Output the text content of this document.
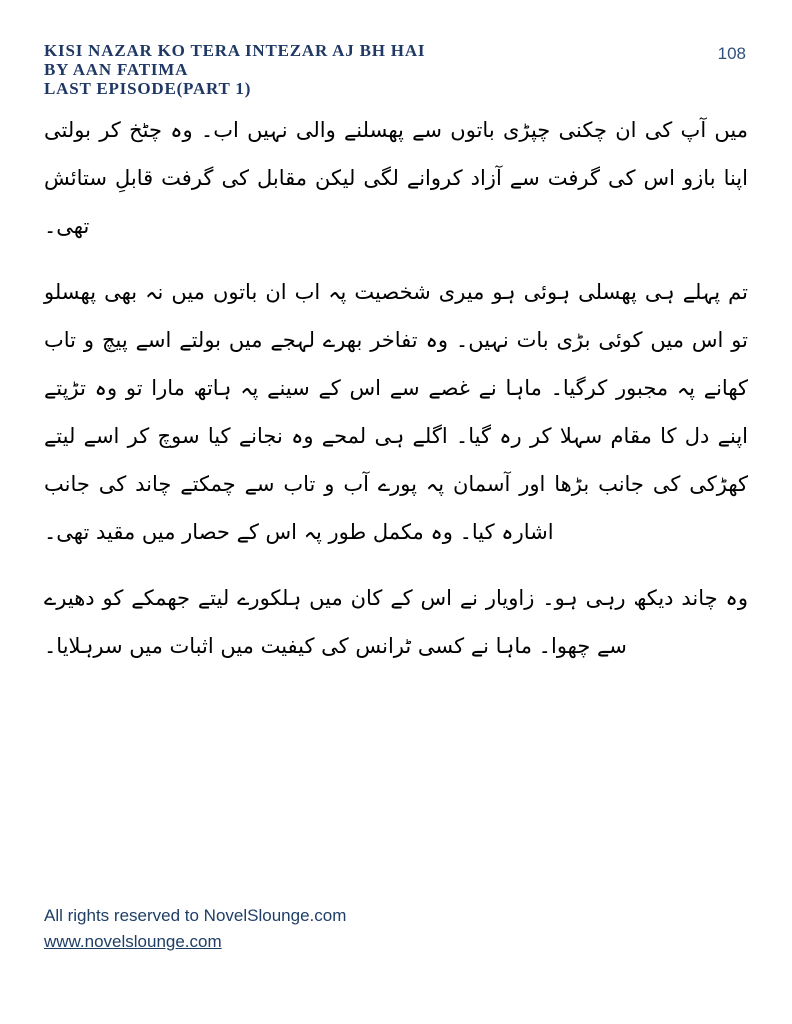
KISI NAZAR KO TERA INTEZAR AJ BH HAI
BY AAN FATIMA
LAST EPISODE(PART 1)
108

میں آپ کی ان چکنی چپڑی باتوں سے پھسلنے والی نہیں اب۔ وہ چٹخ کر بولتی اپنا بازو اس کی گرفت سے آزاد کروانے لگی لیکن مقابل کی گرفت قابلِ ستائش تھی۔

تم پہلے ہی پھسلی ہوئی ہو میری شخصیت پہ اب ان باتوں میں نہ بھی پھسلو تو اس میں کوئی بڑی بات نہیں۔ وہ تفاخر بھرے لہجے میں بولتے اسے پیچ و تاب کھانے پہ مجبور کرگیا۔ ماہا نے غصے سے اس کے سینے پہ ہاتھ مارا تو وہ تڑپتے اپنے دل کا مقام سہلا کر رہ گیا۔ اگلے ہی لمحے وہ نجانے کیا سوچ کر اسے لیتے کھڑکی کی جانب بڑھا اور آسمان پہ پورے آب و تاب سے چمکتے چاند کی جانب اشارہ کیا۔ وہ مکمل طور پہ اس کے حصار میں مقید تھی۔

وہ چاند دیکھ رہی ہو۔ زاویار نے اس کے کان میں ہلکورے لیتے جھمکے کو دھیرے سے چھوا۔ ماہا نے کسی ٹرانس کی کیفیت میں اثبات میں سرہلایا۔

All rights reserved to NovelSlounge.com
www.novelslounge.com
